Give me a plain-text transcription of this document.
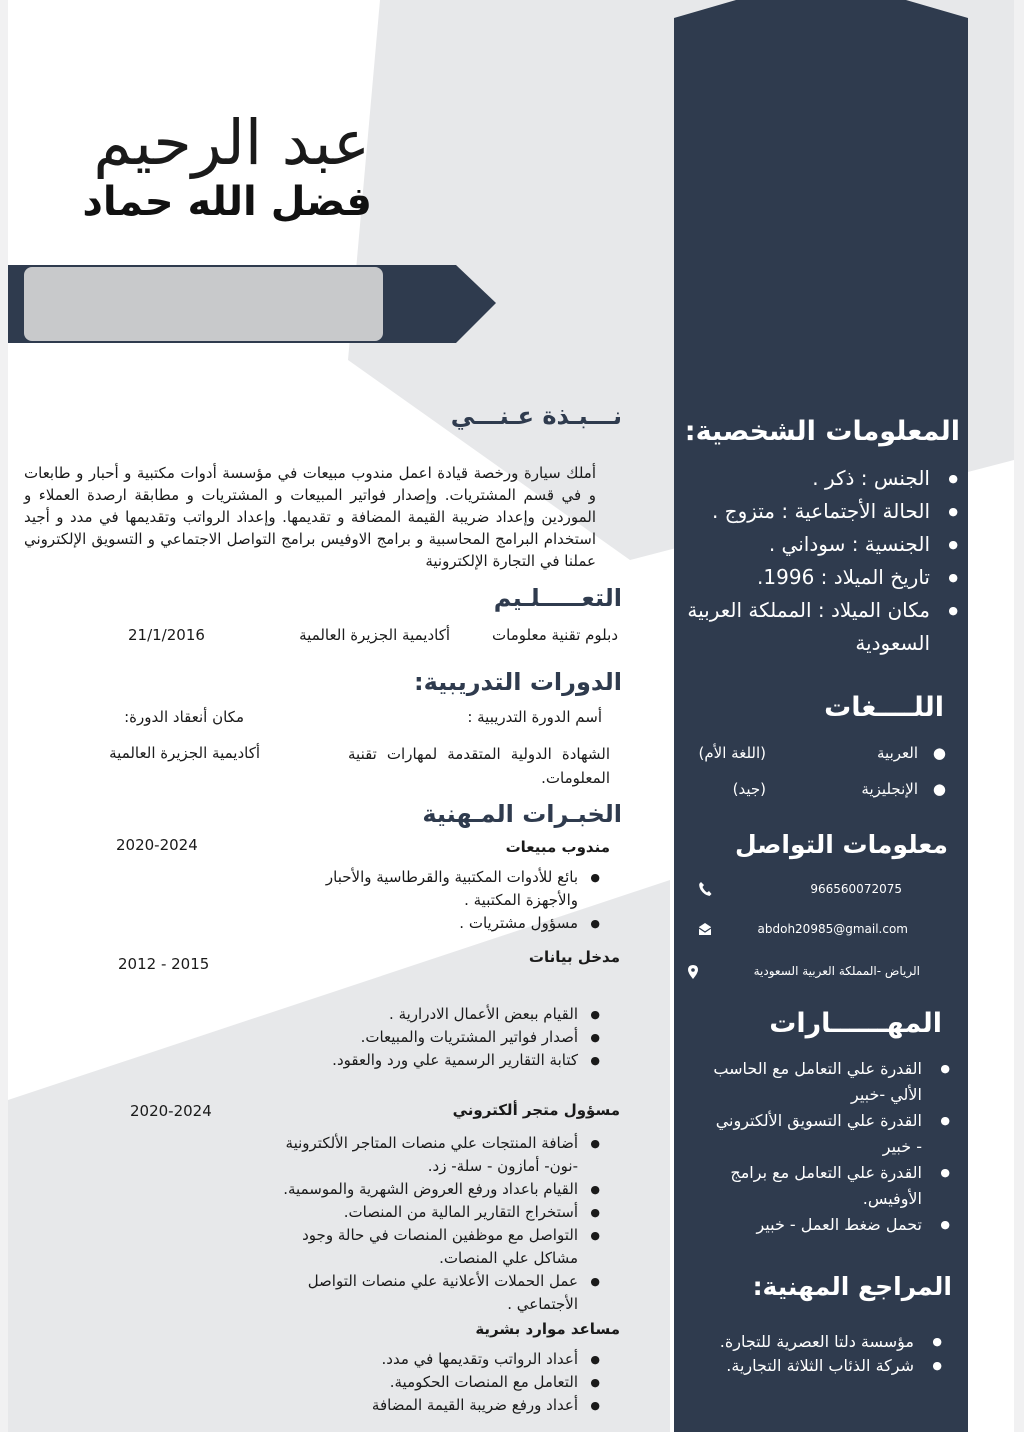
عبد الرحيم
فضل الله حماد
المعلومات الشخصية:
● الجنس : ذكر .
● الحالة الأجتماعية : متزوج .
● الجنسية : سوداني .
● تاريخ الميلاد : 1996.
● مكان الميلاد : المملكة العربية السعودية
اللــــغات
●
العربية
(اللغة الأم)
●
الإنجليزية
(جيد)
معلومات التواصل
966560072075
abdoh20985@gmail.com
الرياض -المملكة العربية السعودية
المهــــــارات
● القدرة علي التعامل مع الحاسب الألي -خبير
● القدرة علي التسويق الألكتروني - خبير
● القدرة علي التعامل مع برامج الأوفيس.
● تحمل ضغط العمل - خبير
المراجع المهنية:
● مؤسسة دلتا العصرية للتجارة.
● شركة الذئاب الثلاثة التجارية.
نـــبـذة عـنـــي
أملك سيارة ورخصة قيادة اعمل مندوب مبيعات في مؤسسة أدوات مكتبية و أحبار و طابعات و في قسم المشتريات. وإصدار فواتير المبيعات و المشتريات و مطابقة ارصدة العملاء و الموردين وإعداد ضريبة القيمة المضافة و تقديمها. وإعداد الرواتب وتقديمها في مدد و أجيد استخدام البرامج المحاسبية و برامج الاوفيس برامج التواصل الاجتماعي و التسويق الإلكتروني عملنا في التجارة الإلكترونية
التعـــــلـيم
دبلوم تقنية معلومات
أكاديمية الجزيرة العالمية
21/1/2016
الدورات التدريبية:
أسم الدورة التدريبية :
مكان أنعقاد الدورة:
الشهادة الدولية المتقدمة لمهارات تقنية المعلومات.
أكاديمية الجزيرة العالمية
الخبـرات المـهنية
مندوب مبيعات
2020-2024
● بائع للأدوات المكتبية والقرطاسية والأحبار والأجهزة المكتبية .
● مسؤول مشتريات .
مدخل بيانات
2012 - 2015
● القيام ببعض الأعمال الادرارية .
● أصدار فواتير المشتريات والمبيعات.
● كتابة التقارير الرسمية علي ورد والعقود.
مسؤول متجر ألكتروني
2020-2024
● أضافة المنتجات علي منصات المتاجر الألكترونية -نون- أمازون - سلة- زد.
● القيام باعداد ورفع العروض الشهرية والموسمية.
● أستخراج التقارير المالية من المنصات.
● التواصل مع موظفين المنصات في حالة وجود مشاكل علي المنصات.
● عمل الحملات الأعلانية علي منصات التواصل الأجتماعي .
مساعد موارد بشرية
● أعداد الرواتب وتقديمها في مدد.
● التعامل مع المنصات الحكومية.
● أعداد ورفع ضريبة القيمة المضافة
